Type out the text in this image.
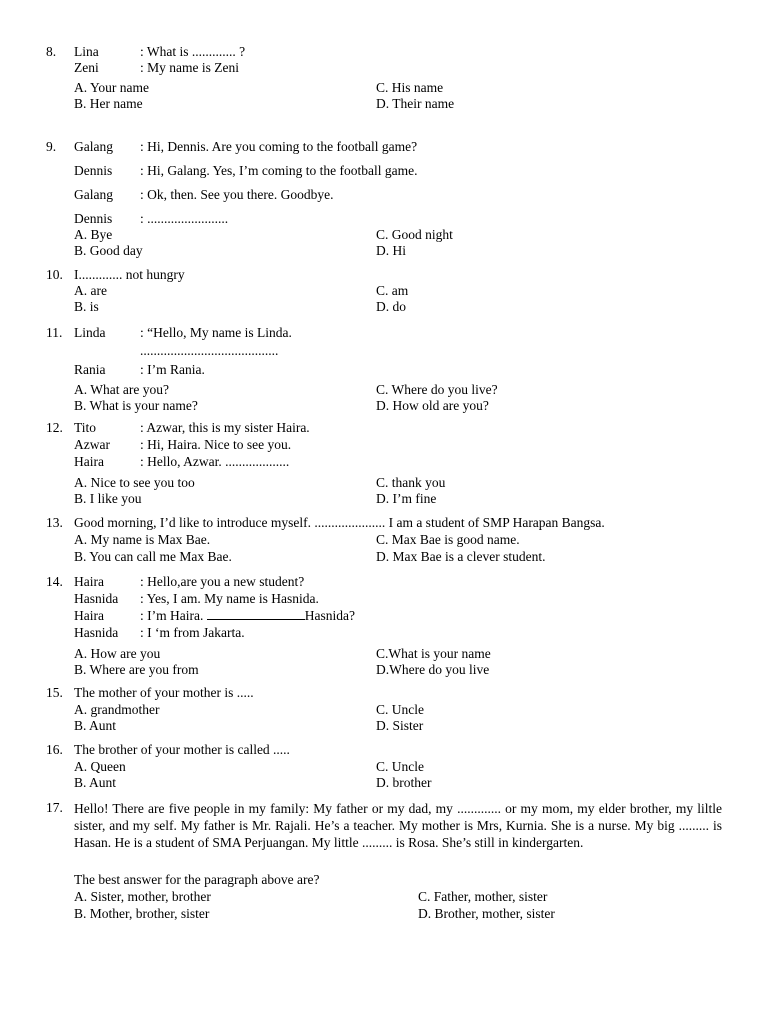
8. Lina	: What is ............. ?
Zeni	: My name is Zeni
A. Your name	C. His name
B. Her name	D. Their name
9. Galang : Hi, Dennis. Are you coming to the football game?
Dennis : Hi, Galang. Yes, I’m coming to the football game.
Galang : Ok, then. See you there. Goodbye.
Dennis : ........................
A. Bye	C. Good night
B. Good day	D. Hi
10. I............. not hungry
A. are	C. am
B. is	D. do
11. Linda	: “Hello, My name is Linda.
.........................................
Rania	: I’m Rania.
A. What are you?	C. Where do you live?
B. What is your name?	D. How old are you?
12. Tito	: Azwar, this is my sister Haira.
Azwar : Hi, Haira. Nice to see you.
Haira	: Hello, Azwar. ...................
A. Nice to see you too	C. thank you
B. I like you	D. I’m fine
13. Good morning, I’d like to introduce myself. ..................... I am a student of SMP Harapan Bangsa.
A. My name is Max Bae.	C. Max Bae is good name.
B. You can call me Max Bae.	D. Max Bae is a clever student.
14. Haira	: Hello,are you a new student?
Hasnida : Yes, I am. My name is Hasnida.
Haira	: I’m Haira.	Hasnida?
Hasnida : I ‘m from Jakarta.
A. How are you	C.What is your name
B. Where are you from	D.Where do you live
15. The mother of your mother is .....
A. grandmother	C. Uncle
B. Aunt	D. Sister
16. The brother of your mother is called .....
A. Queen	C. Uncle
B. Aunt	D. brother
17. Hello! There are five people in my family: My father or my dad, my ............. or my mom, my elder brother, my liltle sister, and my self. My father is Mr. Rajali. He’s a teacher. My mother is Mrs, Kurnia. She is a nurse. My big ......... is Hasan. He is a student of SMA Perjuangan. My little ......... is Rosa. She’s still in kindergarten.
The best answer for the paragraph above are?
A. Sister, mother, brother	C. Father, mother, sister
B. Mother, brother, sister	D. Brother, mother, sister
